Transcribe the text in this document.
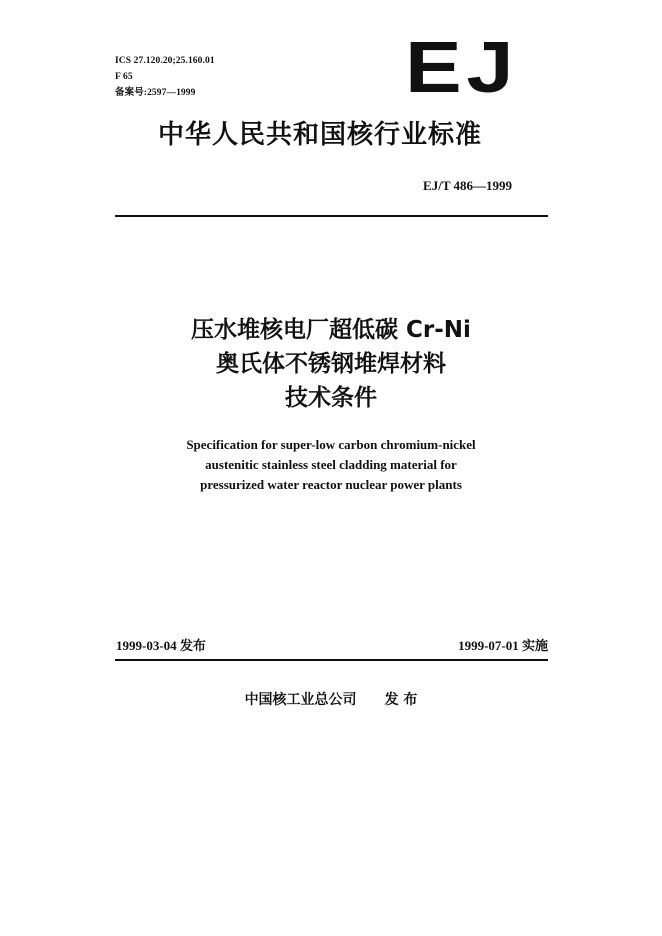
ICS 27.120.20;25.160.01
F 65
备案号:2597—1999	EJ
中华人民共和国核行业标准
EJ/T 486—1999
压水堆核电厂超低碳 Cr-Ni
奥氏体不锈钢堆焊材料
技术条件
Specification for super-low carbon chromium-nickel
austenitic stainless steel cladding material for
pressurized water reactor nuclear power plants
1999-03-04 发布	1999-07-01 实施
中国核工业总公司 发 布
